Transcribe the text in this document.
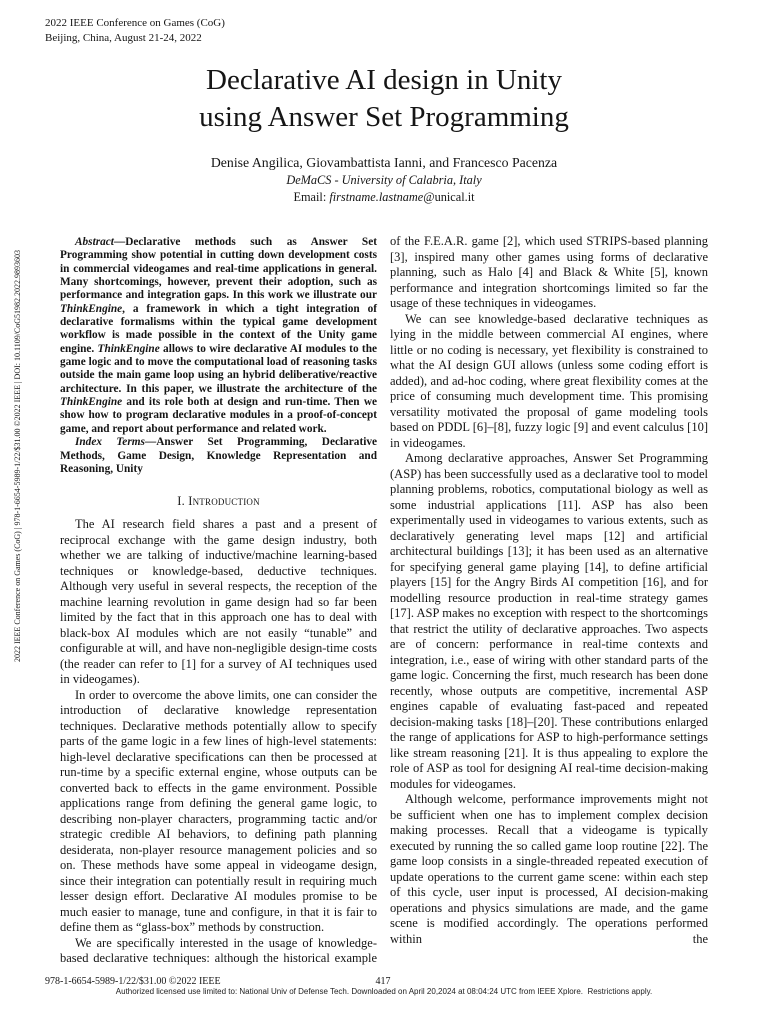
2022 IEEE Conference on Games (CoG)
Beijing, China, August 21-24, 2022
Declarative AI design in Unity
using Answer Set Programming
Denise Angilica, Giovambattista Ianni, and Francesco Pacenza
DeMaCS - University of Calabria, Italy
Email: firstname.lastname@unical.it

Abstract—Declarative methods such as Answer Set Programming show potential in cutting down development costs in commercial videogames and real-time applications in general. Many shortcomings, however, prevent their adoption, such as performance and integration gaps. In this work we illustrate our ThinkEngine, a framework in which a tight integration of declarative formalisms within the typical game development workflow is made possible in the context of the Unity game engine. ThinkEngine allows to wire declarative AI modules to the game logic and to move the computational load of reasoning tasks outside the main game loop using an hybrid deliberative/reactive architecture. In this paper, we illustrate the architecture of the ThinkEngine and its role both at design and run-time. Then we show how to program declarative modules in a proof-of-concept game, and report about performance and related work.

Index Terms—Answer Set Programming, Declarative Methods, Game Design, Knowledge Representation and Reasoning, Unity

I. Introduction

The AI research field shares a past and a present of reciprocal exchange with the game design industry, both whether we are talking of inductive/machine learning-based techniques or knowledge-based, deductive techniques. Although very useful in several respects, the reception of the machine learning revolution in game design had so far been limited by the fact that in this approach one has to deal with black-box AI modules which are not easily “tunable” and configurable at will, and have non-negligible design-time costs (the reader can refer to [1] for a survey of AI techniques used in videogames).

In order to overcome the above limits, one can consider the introduction of declarative knowledge representation techniques. Declarative methods potentially allow to specify parts of the game logic in a few lines of high-level statements: high-level declarative specifications can then be processed at run-time by a specific external engine, whose outputs can be converted back to effects in the game environment. Possible applications range from defining the general game logic, to describing non-player characters, programming tactic and/or strategic credible AI behaviors, to defining path planning desiderata, non-player resource management policies and so on. These methods have some appeal in videogame design, since their integration can potentially result in requiring much lesser design effort. Declarative AI modules promise to be much easier to manage, tune and configure, in that it is fair to define them as “glass-box” methods by construction.

We are specifically interested in the usage of knowledge-based declarative techniques: although the historical example

of the F.E.A.R. game [2], which used STRIPS-based planning [3], inspired many other games using forms of declarative planning, such as Halo [4] and Black & White [5], known performance and integration shortcomings limited so far the usage of these techniques in videogames.

We can see knowledge-based declarative techniques as lying in the middle between commercial AI engines, where little or no coding is necessary, yet flexibility is constrained to what the AI design GUI allows (unless some coding effort is added), and ad-hoc coding, where great flexibility comes at the price of consuming much development time. This promising versatility motivated the proposal of game modeling tools based on PDDL [6]–[8], fuzzy logic [9] and event calculus [10] in videogames.

Among declarative approaches, Answer Set Programming (ASP) has been successfully used as a declarative tool to model planning problems, robotics, computational biology as well as some industrial applications [11]. ASP has also been experimentally used in videogames to various extents, such as declaratively generating level maps [12] and artificial architectural buildings [13]; it has been used as an alternative for specifying general game playing [14], to define artificial players [15] for the Angry Birds AI competition [16], and for modelling resource production in real-time strategy games [17]. ASP makes no exception with respect to the shortcomings that restrict the utility of declarative approaches. Two aspects are of concern: performance in real-time contexts and integration, i.e., ease of wiring with other standard parts of the game logic. Concerning the first, much research has been done recently, whose outputs are competitive, incremental ASP engines capable of evaluating fast-paced and repeated decision-making tasks [18]–[20]. These contributions enlarged the range of applications for ASP to high-performance settings like stream reasoning [21]. It is thus appealing to explore the role of ASP as tool for designing AI real-time decision-making modules for videogames.

Although welcome, performance improvements might not be sufficient when one has to implement complex decision making processes. Recall that a videogame is typically executed by running the so called game loop routine [22]. The game loop consists in a single-threaded repeated execution of update operations to the current game scene: within each step of this cycle, user input is processed, AI decision-making operations and physics simulations are made, and the game scene is modified accordingly. The operations performed within the

2022 IEEE Conference on Games (CoG) | 978-1-6654-5989-1/22/$31.00 ©2022 IEEE | DOI: 10.1109/CoG51982.2022.9893603
978-1-6654-5989-1/22/$31.00 ©2022 IEEE	417
Authorized licensed use limited to: National Univ of Defense Tech. Downloaded on April 20,2024 at 08:04:24 UTC from IEEE Xplore.  Restrictions apply.
